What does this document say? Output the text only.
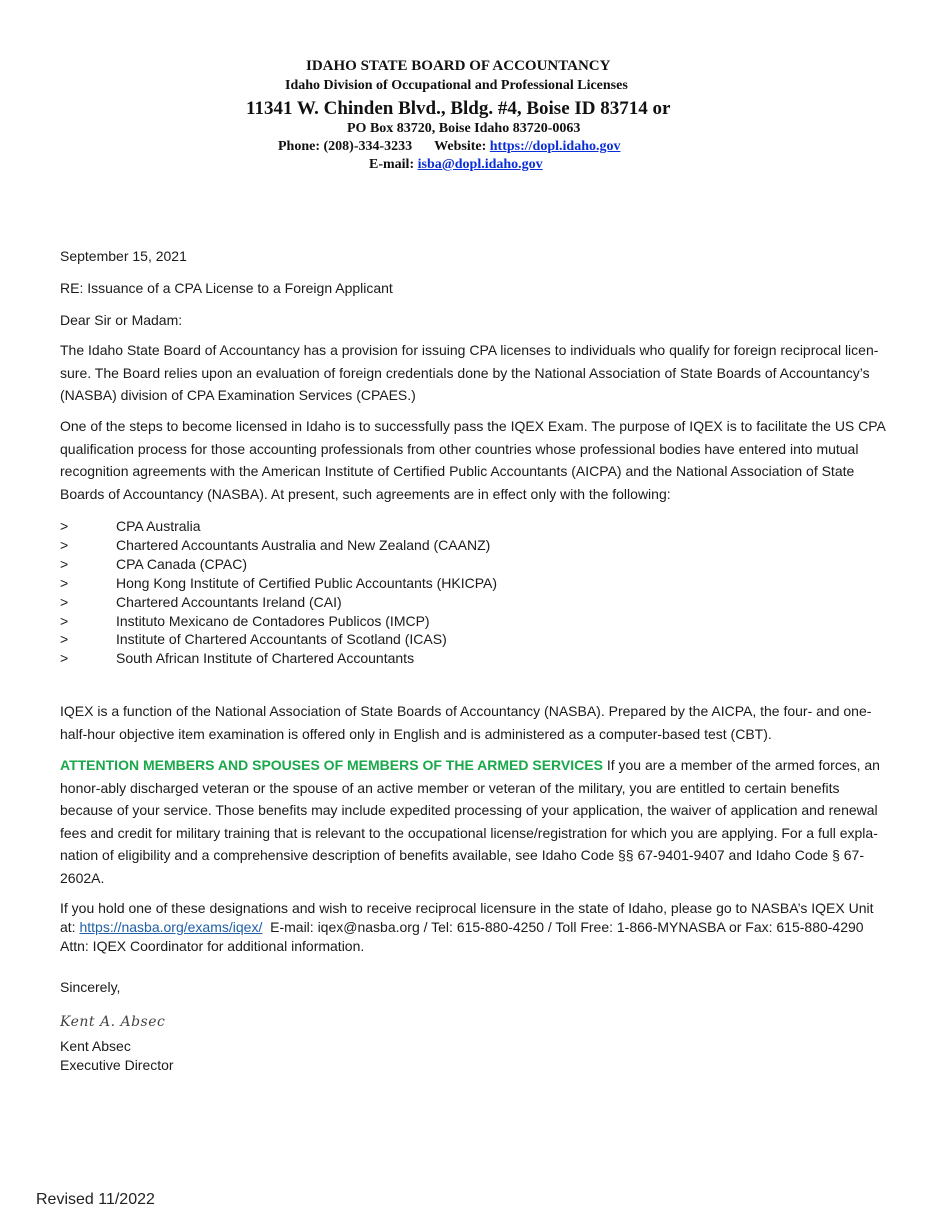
IDAHO STATE BOARD OF ACCOUNTANCY
Idaho Division of Occupational and Professional Licenses
11341 W. Chinden Blvd., Bldg. #4, Boise ID 83714 or
PO Box 83720, Boise Idaho 83720-0063
Phone: (208)-334-3233 Website: https://dopl.idaho.gov
E-mail: isba@dopl.idaho.gov
September 15, 2021
RE: Issuance of a CPA License to a Foreign Applicant
Dear Sir or Madam:
The Idaho State Board of Accountancy has a provision for issuing CPA licenses to individuals who qualify for foreign reciprocal licen-sure. The Board relies upon an evaluation of foreign credentials done by the National Association of State Boards of Accountancy’s (NASBA) division of CPA Examination Services (CPAES.)
One of the steps to become licensed in Idaho is to successfully pass the IQEX Exam. The purpose of IQEX is to facilitate the US CPA qualification process for those accounting professionals from other countries whose professional bodies have entered into mutual recognition agreements with the American Institute of Certified Public Accountants (AICPA) and the National Association of State Boards of Accountancy (NASBA). At present, such agreements are in effect only with the following:
>	CPA Australia
>	Chartered Accountants Australia and New Zealand (CAANZ)
>	CPA Canada (CPAC)
>	Hong Kong Institute of Certified Public Accountants (HKICPA)
>	Chartered Accountants Ireland (CAI)
>	Instituto Mexicano de Contadores Publicos (IMCP)
>	Institute of Chartered Accountants of Scotland (ICAS)
>	South African Institute of Chartered Accountants
IQEX is a function of the National Association of State Boards of Accountancy (NASBA). Prepared by the AICPA, the four- and one-half-hour objective item examination is offered only in English and is administered as a computer-based test (CBT).
ATTENTION MEMBERS AND SPOUSES OF MEMBERS OF THE ARMED SERVICES If you are a member of the armed forces, an honor-ably discharged veteran or the spouse of an active member or veteran of the military, you are entitled to certain benefits because of your service. Those benefits may include expedited processing of your application, the waiver of application and renewal fees and credit for military training that is relevant to the occupational license/registration for which you are applying. For a full expla-nation of eligibility and a comprehensive description of benefits available, see Idaho Code §§ 67-9401-9407 and Idaho Code § 67-2602A.
If you hold one of these designations and wish to receive reciprocal licensure in the state of Idaho, please go to NASBA’s IQEX Unit
at: https://nasba.org/exams/iqex/  E-mail: iqex@nasba.org / Tel: 615-880-4250 / Toll Free: 1-866-MYNASBA or Fax: 615-880-4290
Attn: IQEX Coordinator for additional information.
Sincerely,
Kent A. Absec
Kent Absec
Executive Director
Revised 11/2022
